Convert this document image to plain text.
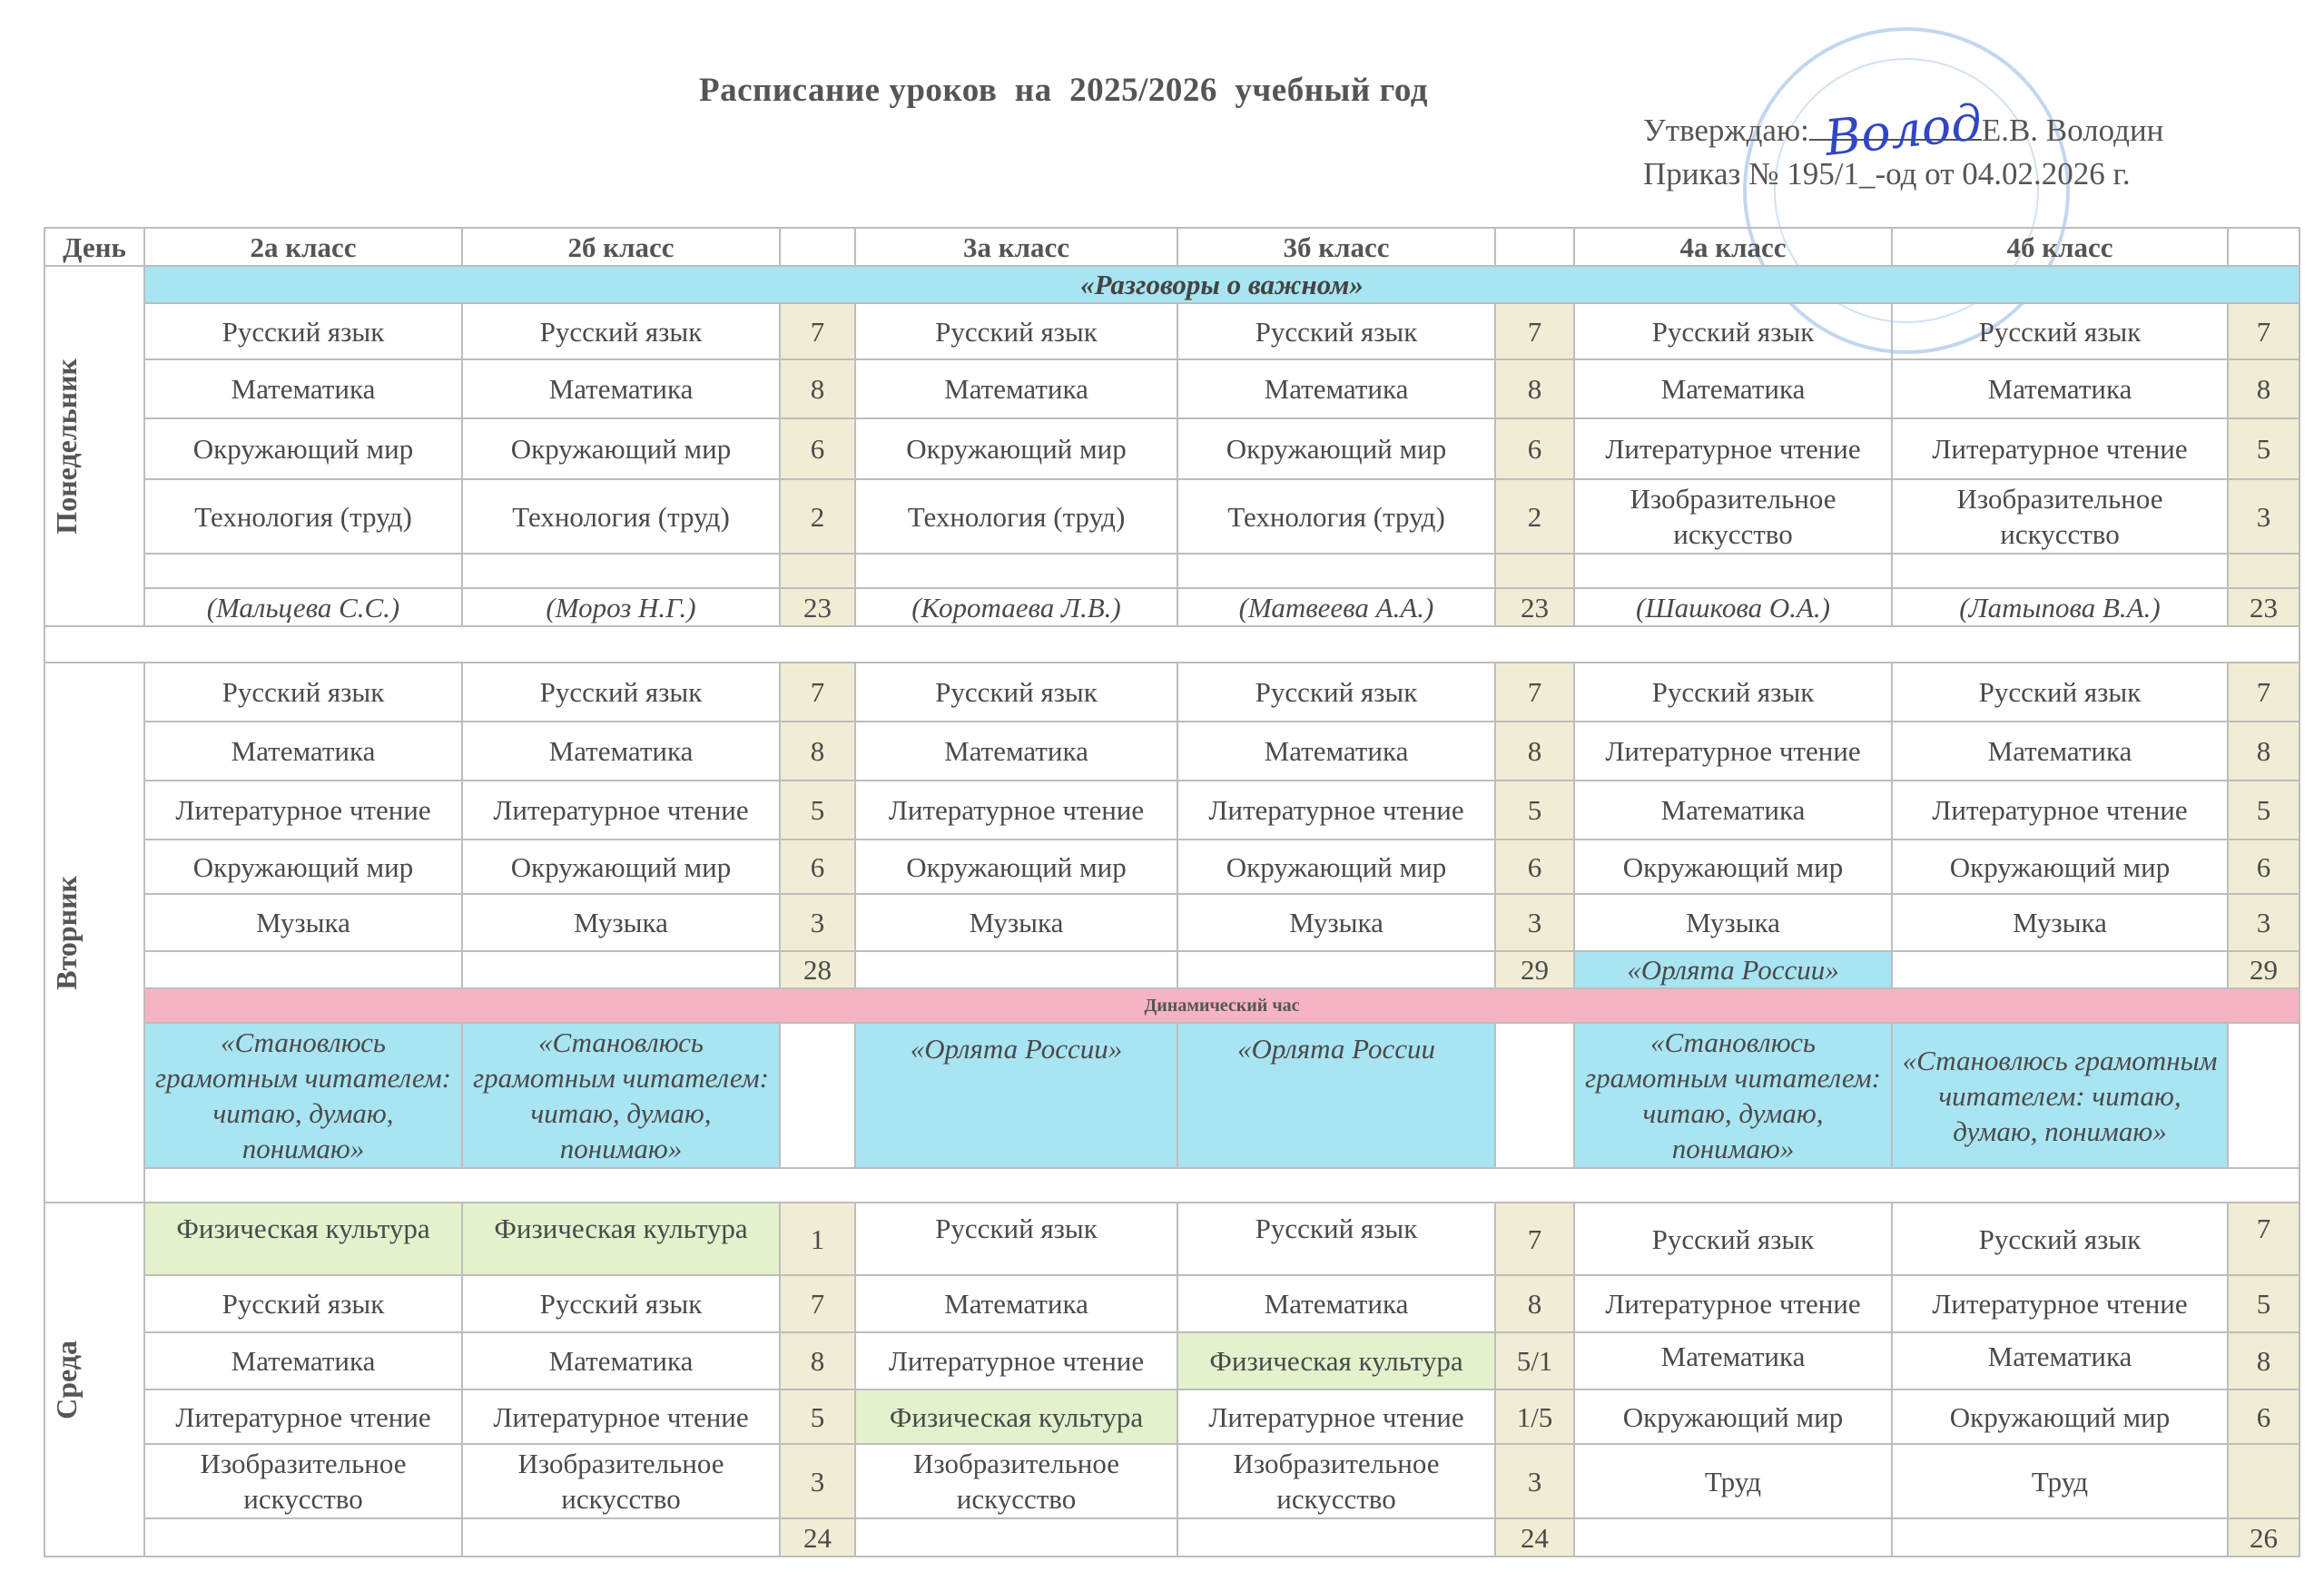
Расписание уроков  на  2025/2026  учебный год
Утверждаю:	Е.В. Володин
Приказ № 195/1_-од от 04.02.2026 г.
Волод
День	2а класс	2б класс		3а класс	3б класс		4а класс	4б класс	

Понедельник	«Разговоры о важном»								
	Русский язык	Русский язык	7	Русский язык	Русский язык	7	Русский язык	Русский язык	7
	Математика	Математика	8	Математика	Математика	8	Математика	Математика	8
	Окружающий мир	Окружающий мир	6	Окружающий мир	Окружающий мир	6	Литературное чтение	Литературное чтение	5
	Технология (труд)	Технология (труд)	2	Технология (труд)	Технология (труд)	2	Изобразительное искусство	Изобразительное искусство	3

	(Мальцева С.С.)	(Мороз Н.Г.)	23	(Коротаева Л.В.)	(Матвеева А.А.)	23	(Шашкова О.А.)	(Латыпова В.А.)	23

Вторник	Русский язык	Русский язык	7	Русский язык	Русский язык	7	Русский язык	Русский язык	7
	Математика	Математика	8	Математика	Математика	8	Литературное чтение	Математика	8
	Литературное чтение	Литературное чтение	5	Литературное чтение	Литературное чтение	5	Математика	Литературное чтение	5
	Окружающий мир	Окружающий мир	6	Окружающий мир	Окружающий мир	6	Окружающий мир	Окружающий мир	6
	Музыка	Музыка	3	Музыка	Музыка	3	Музыка	Музыка	3
			28			29	«Орлята России»		29
	Динамический час								
	«Становлюсь грамотным читателем: читаю, думаю, понимаю»	«Становлюсь грамотным читателем: читаю, думаю, понимаю»		«Орлята России»	«Орлята России		«Становлюсь грамотным читателем: читаю, думаю, понимаю»	«Становлюсь грамотным читателем: читаю, думаю, понимаю»	

Среда	Физическая культура	Физическая культура	1	Русский язык	Русский язык	7	Русский язык	Русский язык	7
	Русский язык	Русский язык	7	Математика	Математика	8	Литературное чтение	Литературное чтение	5
	Математика	Математика	8	Литературное чтение	Физическая культура	5/1	Математика	Математика	8
	Литературное чтение	Литературное чтение	5	Физическая культура	Литературное чтение	1/5	Окружающий мир	Окружающий мир	6
	Изобразительное искусство	Изобразительное искусство	3	Изобразительное искусство	Изобразительное искусство	3	Труд	Труд	
			24			24			26
